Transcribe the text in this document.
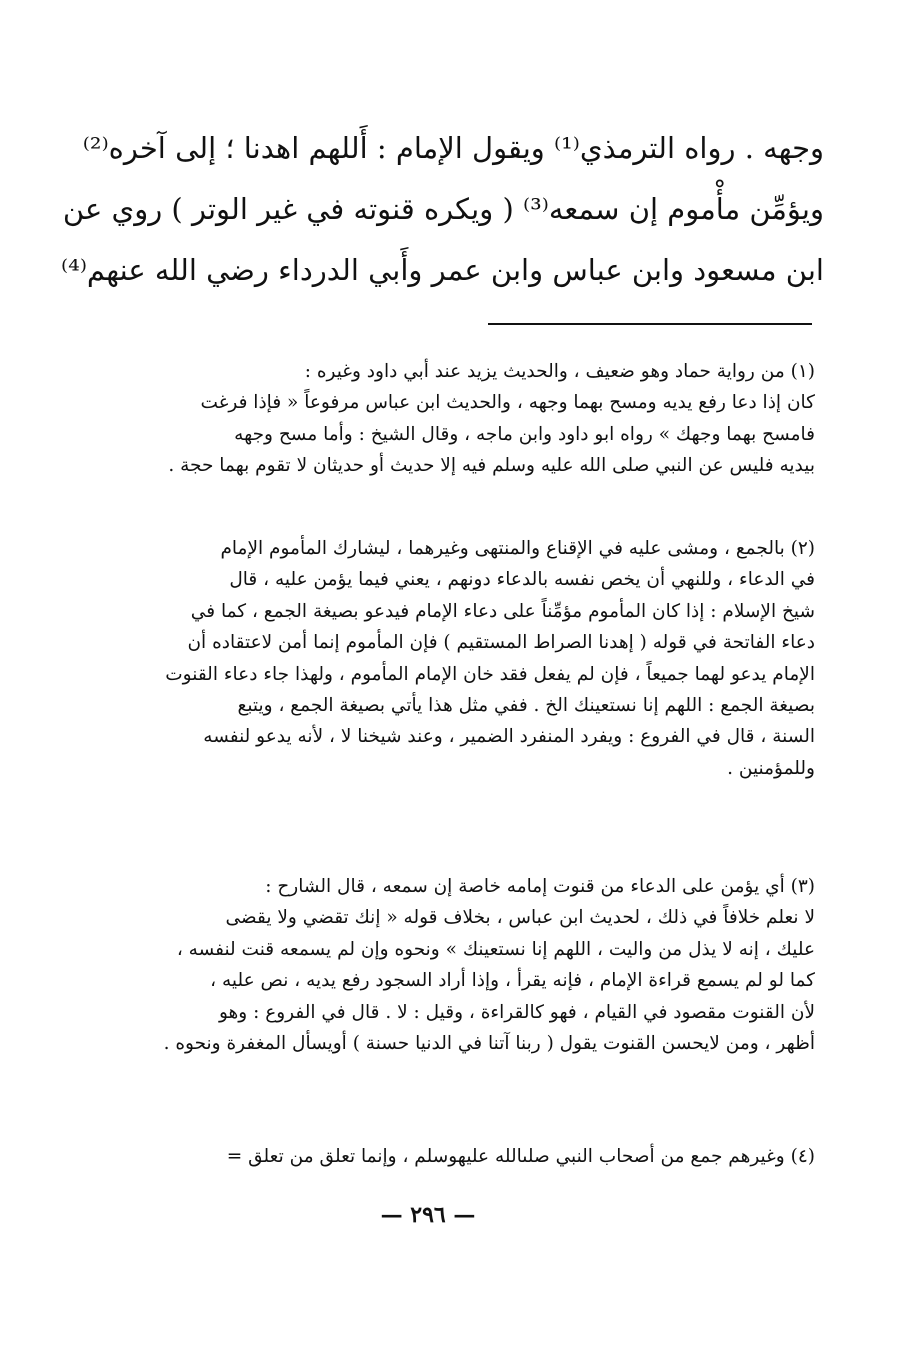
وجهه . رواه الترمذي⁽¹⁾ ويقول الإمام : أَللهم اهدنا ؛ إلى آخره⁽²⁾
ويؤمِّن مأْموم إن سمعه⁽³⁾ ( ويكره قنوته في غير الوتر ) روي عن
ابن مسعود وابن عباس وابن عمر وأَبي الدرداء رضي الله عنهم⁽⁴⁾
(١) من رواية حماد وهو ضعيف ، والحديث يزيد عند أبي داود وغيره :
كان إذا دعا رفع يديه ومسح بهما وجهه ، والحديث ابن عباس مرفوعاً « فإذا فرغت
فامسح بهما وجهك » رواه ابو داود وابن ماجه ، وقال الشيخ : وأما مسح وجهه
بيديه فليس عن النبي صلى الله عليه وسلم فيه إلا حديث أو حديثان لا تقوم بهما حجة .
(٢) بالجمع ، ومشى عليه في الإقناع والمنتهى وغيرهما ، ليشارك المأموم الإمام
في الدعاء ، وللنهي أن يخص نفسه بالدعاء دونهم ، يعني فيما يؤمن عليه ، قال
شيخ الإسلام : إذا كان المأموم مؤمِّناً على دعاء الإمام فيدعو بصيغة الجمع ، كما في
دعاء الفاتحة في قوله ( إهدنا الصراط المستقيم ) فإن المأموم إنما أمن لاعتقاده أن
الإمام يدعو لهما جميعاً ، فإن لم يفعل فقد خان الإمام المأموم ، ولهذا جاء دعاء القنوت
بصيغة الجمع : اللهم إنا نستعينك الخ . ففي مثل هذا يأتي بصيغة الجمع ، ويتبع
السنة ، قال في الفروع : ويفرد المنفرد الضمير ، وعند شيخنا لا ، لأنه يدعو لنفسه
وللمؤمنين .
(٣) أي يؤمن على الدعاء من قنوت إمامه خاصة إن سمعه ، قال الشارح :
لا نعلم خلافاً في ذلك ، لحديث ابن عباس ، بخلاف قوله « إنك تقضي ولا يقضى
عليك ، إنه لا يذل من واليت ، اللهم إنا نستعينك » ونحوه وإن لم يسمعه قنت لنفسه ،
كما لو لم يسمع قراءة الإمام ، فإنه يقرأ ، وإذا أراد السجود رفع يديه ، نص عليه ،
لأن القنوت مقصود في القيام ، فهو كالقراءة ، وقيل : لا . قال في الفروع : وهو
أظهر ، ومن لايحسن القنوت يقول ( ربنا آتنا في الدنيا حسنة ) أويسأل المغفرة ونحوه .
(٤) وغيرهم جمع من أصحاب النبي صلىالله عليهوسلم ، وإنما تعلق من تعلق =
— ٢٩٦ —
